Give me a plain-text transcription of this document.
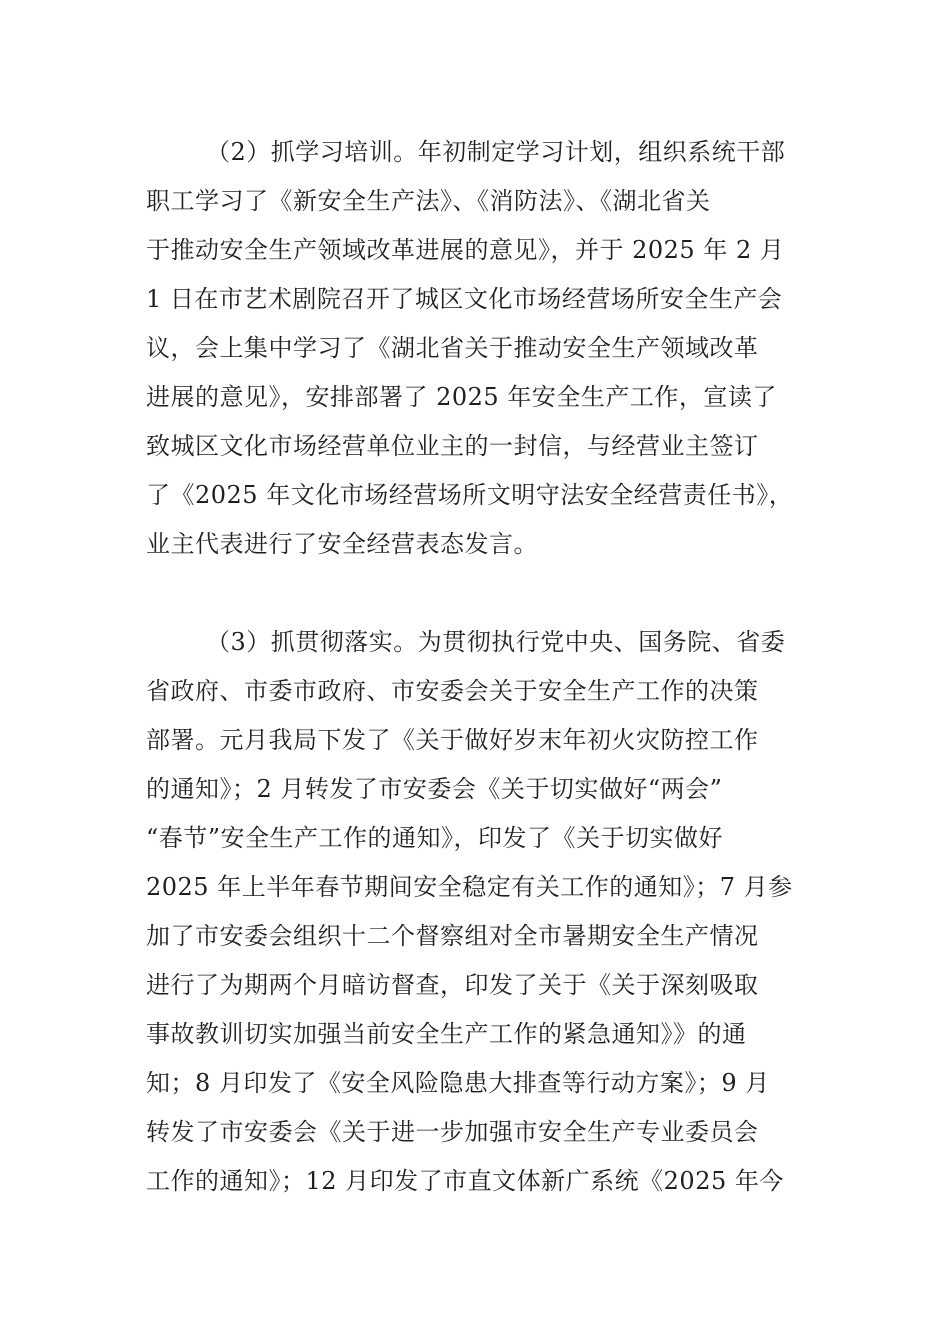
（2）抓学习培训。年初制定学习计划，组织系统干部
职工学习了《新安全生产法》、《消防法》、《湖北省关
于推动安全生产领域改革进展的意见》，并于 2025 年 2 月
1 日在市艺术剧院召开了城区文化市场经营场所安全生产会
议，会上集中学习了《湖北省关于推动安全生产领域改革
进展的意见》，安排部署了 2025 年安全生产工作，宣读了
致城区文化市场经营单位业主的一封信，与经营业主签订
了《2025 年文化市场经营场所文明守法安全经营责任书》，
业主代表进行了安全经营表态发言。
（3）抓贯彻落实。为贯彻执行党中央、国务院、省委
省政府、市委市政府、市安委会关于安全生产工作的决策
部署。元月我局下发了《关于做好岁末年初火灾防控工作
的通知》；2 月转发了市安委会《关于切实做好“两会”
“春节”安全生产工作的通知》，印发了《关于切实做好
2025 年上半年春节期间安全稳定有关工作的通知》；7 月参
加了市安委会组织十二个督察组对全市暑期安全生产情况
进行了为期两个月暗访督查，印发了关于《关于深刻吸取
事故教训切实加强当前安全生产工作的紧急通知》》的通
知；8 月印发了《安全风险隐患大排查等行动方案》；9 月
转发了市安委会《关于进一步加强市安全生产专业委员会
工作的通知》；12 月印发了市直文体新广系统《2025 年今
